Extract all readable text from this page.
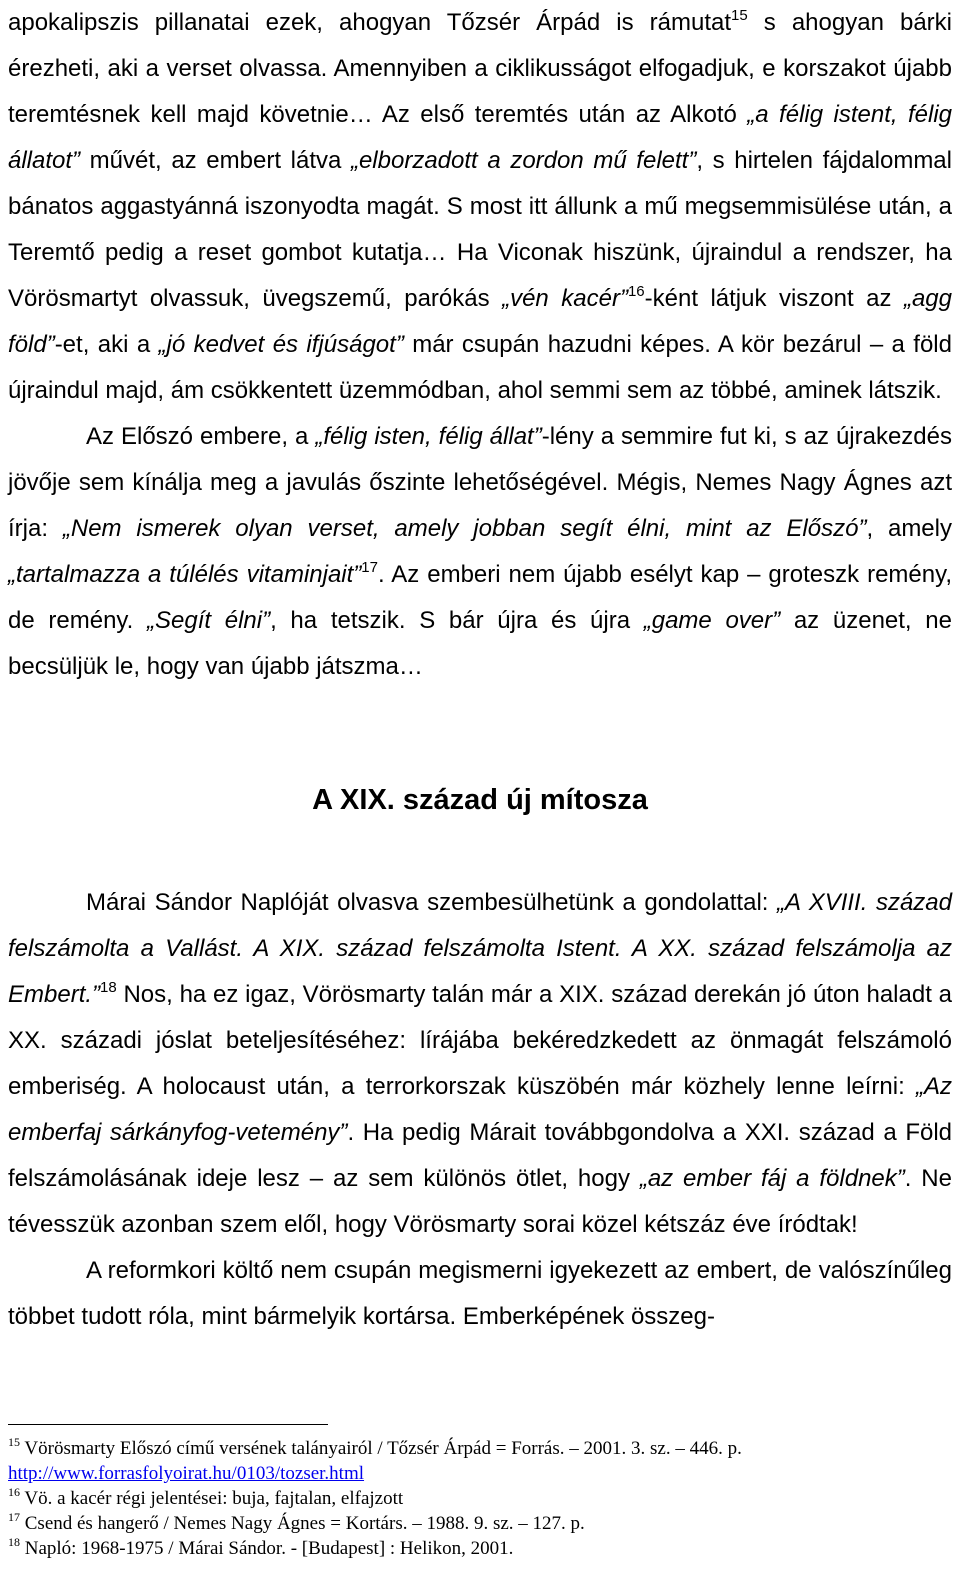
apokalipszis pillanatai ezek, ahogyan Tőzsér Árpád is rámutat$^{15}$ s ahogyan bárki érezheti, aki a verset olvassa. Amennyiben a ciklikusságot elfogadjuk, e korszakot újabb teremtésnek kell majd követnie… Az első teremtés után az Alkotó „a félig istent, félig állatot” művét, az embert látva „elborzadott a zordon mű felett”, s hirtelen fájdalommal bánatos aggastyánná iszonyodta magát. S most itt állunk a mű megsemmisülése után, a Teremtő pedig a reset gombot kutatja… Ha Viconak hiszünk, újraindul a rendszer, ha Vörösmartyt olvassuk, üvegszemű, parókás „vén kacér”$^{16}$-ként látjuk viszont az „agg föld”-et, aki a „jó kedvet és ifjúságot” már csupán hazudni képes. A kör bezárul – a föld újraindul majd, ám csökkentett üzemmódban, ahol semmi sem az többé, aminek látszik.

Az Előszó embere, a „félig isten, félig állat”-lény a semmire fut ki, s az újrakezdés jövője sem kínálja meg a javulás őszinte lehetőségével. Mégis, Nemes Nagy Ágnes azt írja: „Nem ismerek olyan verset, amely jobban segít élni, mint az Előszó”, amely „tartalmazza a túlélés vitaminjait”$^{17}$. Az emberi nem újabb esélyt kap – groteszk remény, de remény. „Segít élni”, ha tetszik. S bár újra és újra „game over” az üzenet, ne becsüljük le, hogy van újabb játszma…

A XIX. század új mítosza

Márai Sándor Naplóját olvasva szembesülhetünk a gondolattal: „A XVIII. század felszámolta a Vallást. A XIX. század felszámolta Istent. A XX. század felszámolja az Embert.”$^{18}$ Nos, ha ez igaz, Vörösmarty talán már a XIX. század derekán jó úton haladt a XX. századi jóslat beteljesítéséhez: lírájába bekéredzkedett az önmagát felszámoló emberiség. A holocaust után, a terrorkorszak küszöbén már közhely lenne leírni: „Az emberfaj sárkányfog-vetemény”. Ha pedig Márait továbbgondolva a XXI. század a Föld felszámolásának ideje lesz – az sem különös ötlet, hogy „az ember fáj a földnek”. Ne tévesszük azonban szem elől, hogy Vörösmarty sorai közel kétszáz éve íródtak!

A reformkori költő nem csupán megismerni igyekezett az embert, de valószínűleg többet tudott róla, mint bármelyik kortársa. Emberképének összeg-

$^{15}$ Vörösmarty Előszó című versének talányairól / Tőzsér Árpád = Forrás. – 2001. 3. sz. – 446. p.
http://www.forrasfolyoirat.hu/0103/tozser.html

$^{16}$ Vö. a kacér régi jelentései: buja, fajtalan, elfajzott

$^{17}$ Csend és hangerő / Nemes Nagy Ágnes = Kortárs. – 1988. 9. sz. – 127. p.

$^{18}$ Napló: 1968-1975 / Márai Sándor. - [Budapest] : Helikon, 2001.
